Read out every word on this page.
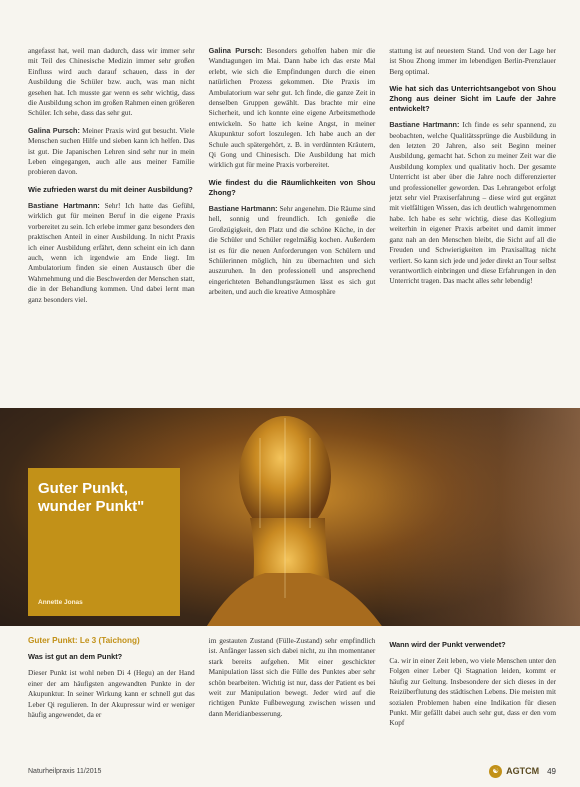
angefasst hat, weil man dadurch, dass wir immer sehr mit Teil des Chinesische Medizin immer sehr großen Einfluss wird auch darauf schauen, dass in der Ausbildung die Schüler bzw. auch, was man nicht gesehen hat. Ich musste gar wenn es sehr wichtig, dass die Ausbildung schon im großen Rahmen einen größeren Schüler. Ich sehe, dass das sehr gut.

Galina Pursch: Meiner Praxis wird gut besucht. Viele Menschen suchen Hilfe und sieben kann ich helfen. Das ist gut. Die Japanischen Lehren sind sehr nur in mein Leben eingegangen, auch alle aus meiner Familie probieren davon.

Wie zufrieden warst du mit deiner Ausbildung?

Bastiane Hartmann: Sehr! Ich hatte das Gefühl, wirklich gut für meinen Beruf in die eigene Praxis vorbereitet zu sein. Ich erlebe immer ganz besonders den praktischen Anteil in einer Ausbildung. In nicht Praxis ich einer Ausbildung erfährt, denn scheint ein ich dann auch, wenn ich irgendwie am Ende liegt. Im Ambulatorium finden sie einen Austausch über die Wahrnehmung und die Beschwerden der Menschen statt, die in der Behandlung kommen. Und dabei lernt man ganz besonders viel.

Galina Pursch: Besonders geholfen haben mir die Wandtagungen im Mai. Dann habe ich das erste Mal erlebt, wie sich die Empfindungen durch die einen natürlichen Prozess gekommen. Die Praxis im Ambulatorium war sehr gut. Ich finde, die ganze Zeit in denselben Gruppen gewählt. Das brachte mir eine Sicherheit, und ich konnte eine eigene Arbeitsmethode entwickeln. So hatte ich keine Angst, in meiner Akupunktur sofort loszulegen. Ich habe auch an der Schule auch spätergehört, z. B. in verdünnten Kräutern, Qi Gong und Chinesisch. Die Ausbildung hat mich wirklich gut für meine Praxis vorbereitet.

Wie findest du die Räumlichkeiten von Shou Zhong?

Bastiane Hartmann: Sehr angenehm. Die Räume sind hell, sonnig und freundlich. Ich genieße die Großzügigkeit, den Platz und die schöne Küche, in der die Schüler und Schüler regelmäßig kochen. Außerdem ist es für die neuen Anforderungen von Schülern und Schülerinnen möglich, hin zu übernachten und sich auszuruhen. In den professionell und ansprechend eingerichteten Behandlungsräumen lässt es sich gut arbeiten, und auch die kreative Atmosphäre

stattung ist auf neuestem Stand. Und von der Lage her ist Shou Zhong immer im lebendigen Berlin-Prenzlauer Berg optimal.

Wie hat sich das Unterrichtsangebot von Shou Zhong aus deiner Sicht im Laufe der Jahre entwickelt?

Bastiane Hartmann: Ich finde es sehr spannend, zu beobachten, welche Qualitätssprünge die Ausbildung in den letzten 20 Jahren, also seit Beginn meiner Ausbildung, gemacht hat. Schon zu meiner Zeit war die Ausbildung komplex und qualitativ hoch. Der gesamte Unterricht ist aber über die Jahre noch differenzierter und professioneller geworden. Das Lehrangebot erfolgt jetzt sehr viel Praxiserfahrung – diese wird gut ergänzt mit vielfältigen Wissen, das ich deutlich wahrgenommen habe. Ich habe es sehr wichtig, diese das Kollegium weiterhin in eigener Praxis arbeitet und damit immer ganz nah an den Menschen bleibt, die Sicht auf all die Freuden und Schwierigkeiten im Praxisalltag nicht verliert. So kann sich jede und jeder direkt an Tour selbst verantwortlich einbringen und diese Erfahrungen in den Unterricht tragen. Das macht alles sehr lebendig!

Guter Punkt, wunder Punkt"
Annette Jonas
Guter Punkt: Le 3 (Taichong)
Was ist gut an dem Punkt?

Dieser Punkt ist wohl neben Di 4 (Hegu) an der Hand einer der am häufigsten angewandten Punkte in der Akupunktur. In seiner Wirkung kann er schnell gut das Leber Qi regulieren. In der Akupressur wird er weniger häufig angewendet, da er

im gestauten Zustand (Fülle-Zustand) sehr empfindlich ist. Anfänger lassen sich dabei nicht, zu ihn momentaner stark bereits aufgehen. Mit einer geschickter Manipulation lässt sich die Fülle des Punktes aber sehr schön bearbeiten. Wichtig ist nur, dass der Patient es bei weit zur Manipulation bewegt. Jeder wird auf die richtigen Punkte Fußbewegung zwischen wissen und dann Meridianbesserung.

Wann wird der Punkt verwendet?

Ca. wir in einer Zeit leben, wo viele Menschen unter den Folgen einer Leber Qi Stagnation leiden, kommt er häufig zur Geltung. Insbesondere der sich dieses in der Reizüberflutung des städtischen Lebens. Die meisten mit sozialen Problemen haben eine Indikation für diesen Punkt. Mir gefällt dabei auch sehr gut, dass er den vom Kopf

Naturheilpraxis 11/2015	☯ AGTCM 49
